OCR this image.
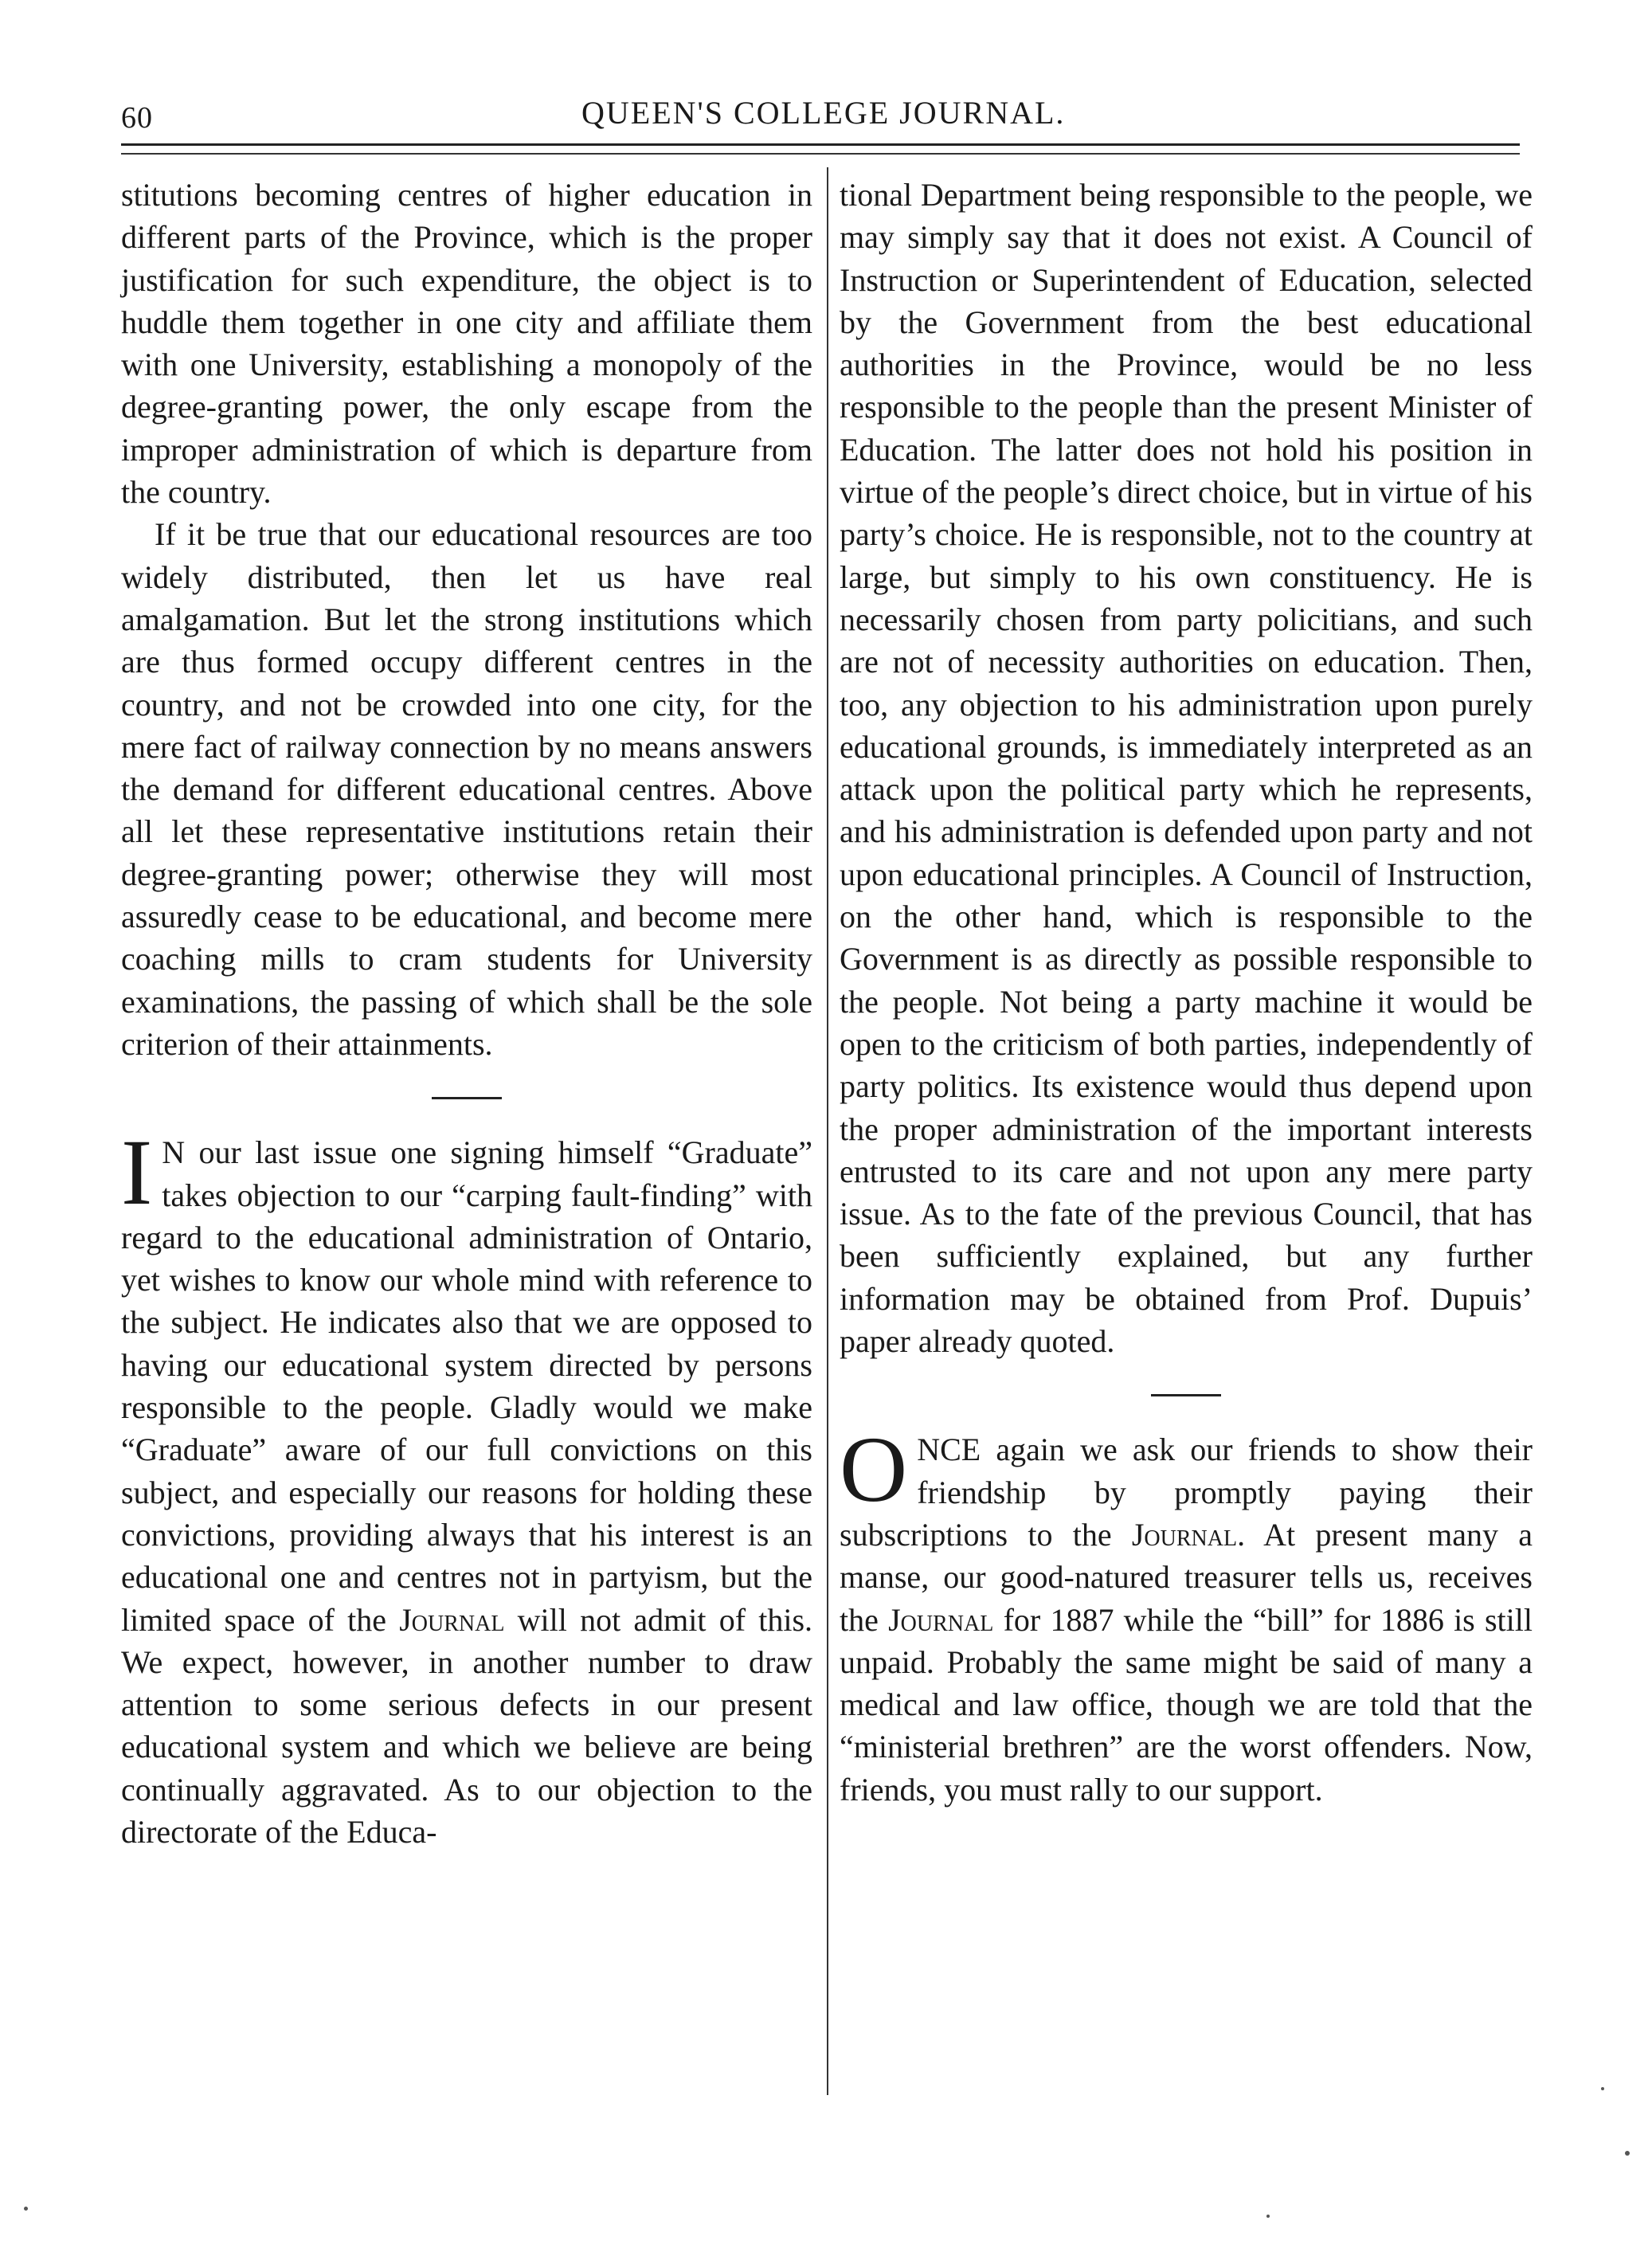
60	QUEEN'S COLLEGE JOURNAL.

stitutions becoming centres of higher education in different parts of the Province, which is the proper justification for such expenditure, the object is to huddle them together in one city and affiliate them with one University, establishing a monopoly of the degree-granting power, the only escape from the improper administration of which is departure from the country.

If it be true that our educational resources are too widely distributed, then let us have real amalgamation. But let the strong institutions which are thus formed occupy different centres in the country, and not be crowded into one city, for the mere fact of railway connection by no means answers the demand for different educational centres. Above all let these representative institutions retain their degree-granting power; otherwise they will most assuredly cease to be educational, and become mere coaching mills to cram students for University examinations, the passing of which shall be the sole criterion of their attainments.

I N our last issue one signing himself “Graduate” takes objection to our “carping fault-finding” with regard to the educational administration of Ontario, yet wishes to know our whole mind with reference to the subject. He indicates also that we are opposed to having our educational system directed by persons responsible to the people. Gladly would we make “Graduate” aware of our full convictions on this subject, and especially our reasons for holding these convictions, providing always that his interest is an educational one and centres not in partyism, but the limited space of the Journal will not admit of this. We expect, however, in another number to draw attention to some serious defects in our present educational system and which we believe are being continually aggravated. As to our objection to the directorate of the Educa-

tional Department being responsible to the people, we may simply say that it does not exist. A Council of Instruction or Superintendent of Education, selected by the Government from the best educational authorities in the Province, would be no less responsible to the people than the present Minister of Education. The latter does not hold his position in virtue of the people’s direct choice, but in virtue of his party’s choice. He is responsible, not to the country at large, but simply to his own constituency. He is necessarily chosen from party policitians, and such are not of necessity authorities on education. Then, too, any objection to his administration upon purely educational grounds, is immediately interpreted as an attack upon the political party which he represents, and his administration is defended upon party and not upon educational principles. A Council of Instruction, on the other hand, which is responsible to the Government is as directly as possible responsible to the people. Not being a party machine it would be open to the criticism of both parties, independently of party politics. Its existence would thus depend upon the proper administration of the important interests entrusted to its care and not upon any mere party issue. As to the fate of the previous Council, that has been sufficiently explained, but any further information may be obtained from Prof. Dupuis’ paper already quoted.

ONCE again we ask our friends to show their friendship by promptly paying their subscriptions to the Journal. At present many a manse, our good-natured treasurer tells us, receives the Journal for 1887 while the “bill” for 1886 is still unpaid. Probably the same might be said of many a medical and law office, though we are told that the “ministerial brethren” are the worst offenders. Now, friends, you must rally to our support.
